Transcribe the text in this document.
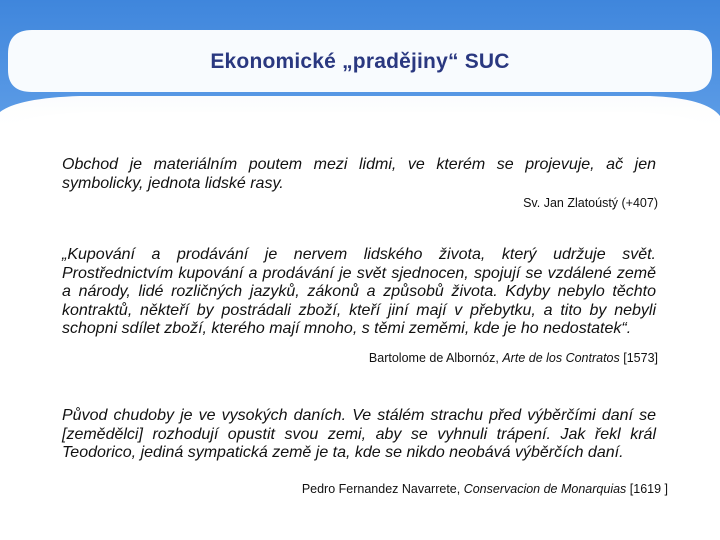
Ekonomické „pradějiny“ SUC
Obchod je materiálním poutem mezi lidmi, ve kterém se projevuje, ač jen symbolicky, jednota lidské rasy.
Sv. Jan Zlatoústý (+407)
„Kupování a prodávání je nervem lidského života, který udržuje svět. Prostřednictvím kupování a prodávání je svět sjednocen, spojují se vzdálené země a národy, lidé rozličných jazyků, zákonů a způsobů života. Kdyby nebylo těchto kontraktů, někteří by postrádali zboží, kteří jiní mají v přebytku, a tito by nebyli schopni sdílet zboží, kterého mají mnoho, s těmi zeměmi, kde je ho nedostatek“.
Bartolome de Albornóz, Arte de los Contratos [1573]
Původ chudoby je ve vysokých daních. Ve stálém strachu před výběrčími daní se [zemědělci] rozhodují opustit svou zemi, aby se vyhnuli trápení. Jak řekl král Teodorico, jediná sympatická země je ta, kde se nikdo neobává výběrčích daní.
Pedro Fernandez Navarrete, Conservacion de Monarquias [1619 ]
